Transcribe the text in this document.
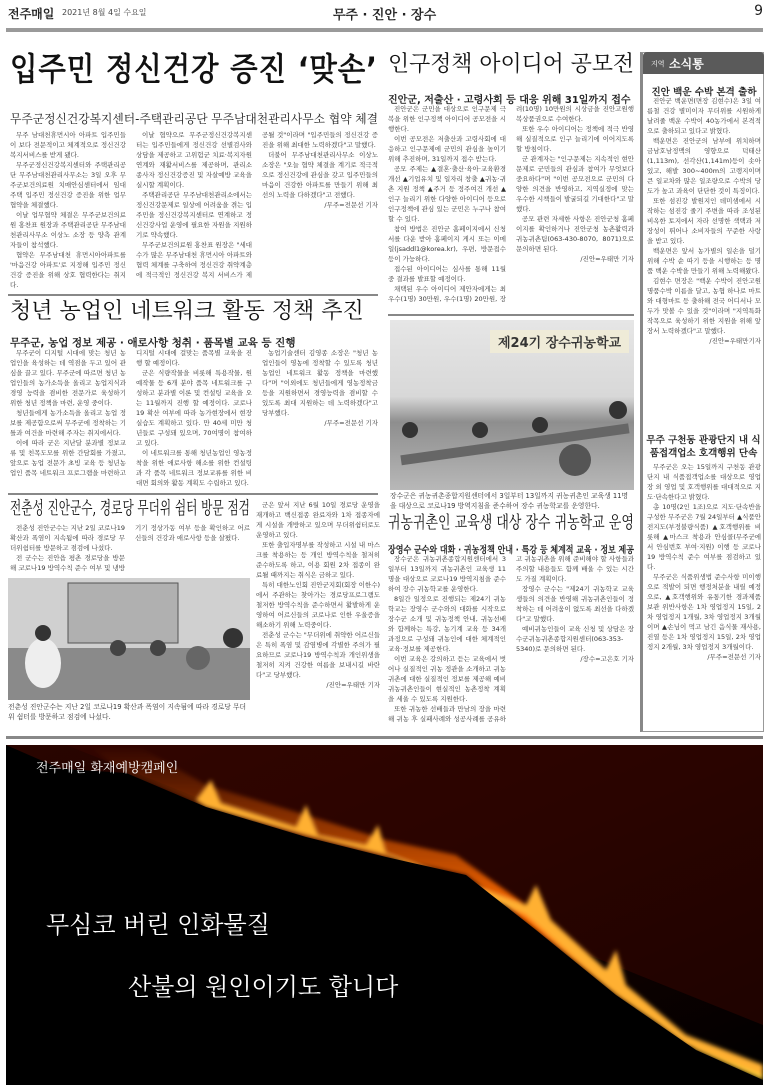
전주매일 2021년 8월 4일 수요일	무주 · 진안 · 장수	9
입주민 정신건강 증진 ‘맞손’
무주군정신건강복지센터-주택관리공단 무주남대천관리사무소 협약 체결

무주 남대천휴먼시아 아파트 입주민들이 보다 전문적이고 체계적으로 정신건강 복지서비스를 받게 됐다.

무주군정신건강복지센터와 주택관리공단 무주남대천관리사무소는 3일 오후 무주군보건의료원 치매안심센터에서 임대주택 입주민 정신건강 증진을 위한 업무협약을 체결했다.

이날 업무협약 체결은 무주군보건의료원 홍찬표 원장과 주택관리공단 무주남대천관리사무소 이상노 소장 등 양측 관계자들이 참석했다.

협약은 무주남대천 휴먼시아아파트를 '마음건강 아파트'로 지정해 입주민 정신건강 증진을 위해 상호 협력한다는 취지다.

이날 협약으로 무주군정신건강복지센터는 입주민들에게 정신건강 선별검사와 상담을 제공하고 고위험군 치료·복지자원 연계와 재활서비스를 제공하며, 관리소 종사자 정신건강증진 및 자살예방 교육을 실시할 계획이다.

주택관리공단 무주남대천관리소에서는 정신건강문제로 일상에 어려움을 겪는 입주민을 정신건강복지센터로 연계하고 정신건강사업 운영에 필요한 자원을 지원하기로 약속했다.

무주군보건의료원 홍찬표 원장은 "세대수가 많은 무주남대천 휴먼시아 아파트와 협력 체계를 구축하여 정신건강 취약계층에 적극적인 정신건강 복지 서비스가 제공될 것"이라며 "입주민들의 정신건강 증진을 위해 최대한 노력하겠다"고 말했다.

더불어 무주남대천관리사무소 이상노 소장은 "오늘 협약 체결을 계기로 적극적으로 정신건강에 관심을 갖고 입주민들의 마음이 건강한 아파트를 만들기 위해 최선의 노력을 다하겠다"고 전했다.

/무주=전문선 기자
청년 농업인 네트워크 활동 정책 추진
무주군, 농업 정보 제공 · 애로사항 청취 · 품목별 교육 등 진행

무주군이 디지털 시대에 맞는 청년 농업인을 육성하는 데 역점을 두고 있어 관심을 끌고 있다. 무주군에 따르면 청년 농업인들의 농가소득을 올리고 농업지식과 경영 능력을 겸비한 전문가로 육성하기 위한 청년 정책을 마련, 운영 중이다.

청년들에게 농가소득을 올리고 농업 정보를 제공함으로써 무주군에 정착하는 기틀과 여건을 마련해 주자는 취지에서다.

이에 따라 군은 지난달 분과별 정보교류 및 친목도모를 위한 간담회를 가졌고, 앞으로 농업 전문가 초빙 교육 등 청년농업인 품목 네트워크 프로그램을 마련하고 디지털 시대에 걸맞는 품목별 교육을 진행 할 예정이다.

군은 식량작물을 비롯해 특용작물, 원예작물 등 6개 분야 품목 네트워크를 구성하고 분과별 이론 및 컨설팅 교육을 오는 11월까지 진행 할 예정이다. 코로나19 확산 여부에 따라 농가현장에서 현장실습도 계획하고 있다. 만 40세 미만 청년들로 구성돼 있으며, 70여명이 참여하고 있다.

이 네트워크를 통해 청년농업인 영농정착을 위한 애로사항 해소를 위한 컨설팅과 각 품목 네트워크 정보교류를 위한 비대면 회의와 활동 계획도 수립하고 있다.

농업기술센터 김영종 소장은 "청년 농업인들이 영농에 정착할 수 있도록 청년 농업인 네트워크 활동 정책을 마련했다"며 "이외에도 청년들에게 영농정착금 등을 지원하면서 경영능력을 겸비할 수 있도록 최대 지원하는 데 노력하겠다"고 당부했다.

/무주=전문선 기자
전춘성 진안군수, 경로당 무더위 쉼터 방문 점검

전춘성 진안군수는 지난 2일 코로나19 확산과 폭염이 지속됨에 따라 경로당 무더위쉼터를 방문하고 점검에 나섰다.

전 군수는 진안읍 평촌 경로당을 방문해 코로나19 방역수칙 준수 여부 및 냉방기기 정상가동 여부 등을 확인하고 어르신들의 건강과 애로사항 등을 살폈다.

전춘성 진안군수는 지난 2일 코로나19 확산과 폭염이 지속됨에 따라 경로당 무더위 쉼터를 방문하고 점검에 나섰다.

군은 앞서 지난 6월 10일 경로당 운영을 재개하고 백신접종 완료자와 1차 접종자에게 시설을 개방하고 있으며 무더위쉼터로도 운영하고 있다.

또한 출입자명부를 작성하고 시설 내 마스크를 착용하는 등 개인 방역수칙을 철저히 준수하도록 하고, 이용 회원 2차 접종이 완료될 때까지는 취식은 금하고 있다.

특히 대한노인회 진안군지회(회장 이한수)에서 주관하는 찾아가는 경로당프로그램도 철저한 방역수칙을 준수하면서 활발하게 운영하여 어르신들의 코로나로 인한 우울증을 해소하기 위해 노력중이다.

전춘성 군수는 "무더위에 취약한 어르신들은 특히 폭염 및 감염병에 각별한 주의가 필요하므로 코로나19 방역수칙과 개인위생을 철저히 지켜 건강한 여름을 보내시길 바란다"고 당부했다.

/진안=우태만 기자
인구정책 아이디어 공모전
진안군, 저출산 · 고령사회 등 대응 위해 31일까지 접수

진안군은 군민을 대상으로 인구문제 극복을 위한 인구정책 아이디어 공모전을 시행한다.

이번 공모전은 저출산과 고령사회에 대응하고 인구문제에 군민의 관심을 높이기 위해 추진하며, 31일까지 접수 받는다.

공모 주제는 ▲결혼·출산·육아·교육환경 개선 ▲기업유치 및 일자리 창출 ▲귀농·귀촌 지원 정책 ▲주거 등 정주여건 개선 ▲인구 늘리기 위한 다양한 아이디어 등으로 인구정책에 관심 있는 군민은 누구나 참여할 수 있다.

참여 방법은 진안군 홈페이지에서 신청서를 다운 받아 홈페이지 게시 또는 이메일(jsaddl1@korea.kr), 우편, 방문접수 등이 가능하다.

접수된 아이디어는 심사를 통해 11월 중 결과를 발표할 예정이다.

채택된 우수 아이디어 제안자에게는 최우수(1명) 30만원, 우수(1명) 20만원, 장려(10명) 10만원의 시상금을 진안고원행복상품권으로 수여한다.

또한 우수 아이디어는 정책에 적극 반영해 실질적으로 인구 늘리기에 이어지도록 할 방침이다.

군 관계자는 "인구문제는 지속적인 현안 문제로 군민들의 관심과 참여가 무엇보다 중요하다"며 "이번 공모전으로 군민의 다양한 의견을 반영하고, 지역실정에 맞는 우수한 시책들이 발굴되길 기대한다"고 말했다.

공모 관련 자세한 사항은 진안군청 홈페이지를 확인하거나 진안군청 농촌활력과 귀농귀촌팀(063-430-8070, 8071)으로 문의하면 된다.

/진안=우태만 기자
제24기 장수귀농학교
장수군은 귀농귀촌종합지원센터에서 3일부터 13일까지 귀농귀촌인 교육생 11명을 대상으로 코로나19 방역지침을 준수하여 장수 귀농학교를 운영한다.
귀농귀촌인 교육생 대상 장수 귀농학교 운영
장영수 군수와 대화 · 귀농정책 안내 · 특강 등 체계적 교육 · 정보 제공

장수군은 귀농귀촌종합지원센터에서 3일부터 13일까지 귀농귀촌인 교육생 11명을 대상으로 코로나19 방역지침을 준수하여 장수 귀농학교를 운영한다.

8일간 일정으로 진행되는 제24기 귀농학교는 장영수 군수와의 대화를 시작으로 장수군 소개 및 귀농정책 안내, 귀농선배와 함께하는 특강, 농기계 교육 등 34개 과정으로 구성돼 귀농인에 대한 체계적인 교육·정보를 제공한다.

이번 교육은 강의하고 듣는 교육에서 벗어나 실질적인 귀농 정관을 소개하고 귀농귀촌에 대한 실질적인 정보를 제공해 예비귀농귀촌인들이 현실적인 농촌정착 계획을 세울 수 있도록 지원한다.

또한 귀농한 선배들과 만남의 장을 마련해 귀농 후 실패사례와 성공사례를 공유하고 귀농귀촌을 위해 준비해야 할 사항들과 주의할 내용들도 함께 배울 수 있는 시간도 가질 계획이다.

장영수 군수는 "제24기 귀농학교 교육생들의 의견을 반영해 귀농귀촌인들이 정착하는 데 어려움이 없도록 최선을 다하겠다"고 말했다.

예비귀농인들이 교육 신청 및 상담은 장수군귀농귀촌종합지원센터(063-353-5340)로 문의하면 된다.

/장수=고은호 기자
지역 소식통
진안 백운 수박 본격 출하

진안군 백운면(면장 김현수)은 3일 여름철 건강 별미이자 무더위를 시원하게 날려줄 백운 수박이 40농가에서 본격적으로 출하되고 있다고 밝혔다.

백운면은 진안군의 남부에 위치하며 금남호남정맥의 영향으로 덕태산(1,113m), 선각산(1,141m)등이 솟아 있고, 해발 300~400m의 고랭지이며 큰 일교차와 많은 일조량으로 수박의 당도가 높고 과육이 단단한 것이 특징이다.

또한 섬진강 발원지인 데미샘에서 시작하는 섬진강 줄기 주변을 따라 조성된 비옥한 토지에서 자라 선명한 색택과 저장성이 뛰어나 소비자들의 꾸준한 사랑을 받고 있다.

백운면은 앞서 농가별의 일손을 덜기 위해 수박 순 따기 등을 시행하는 등 명품 백운 수박을 만들기 위해 노력해왔다.

김현수 면장은 "백운 수박이 진안고원명품수박 이름을 달고, 농협 하나로 마트와 대형마트 등 출하해 전국 어디서나 모두가 맛볼 수 있을 것"이라며 "지역특화 작목으로 육성하기 위한 지원을 위해 앞장서 노력하겠다"고 말했다.

/진안=우태만기자
무주 구천동 관광단지 내 식품접객업소 호객행위 단속

무주군은 오는 15일까지 구천동 관광단지 내 식품접객업소를 대상으로 영업장 외 영업 및 호객행위를 대대적으로 지도·단속한다고 밝혔다.

총 10명(2인 1조)으로 지도·단속반을 구성한 무주군은 7월 24일부터 ▲식품안전지도(부정불량식품) ▲호객행위를 비롯해 ▲마스크 착용과 안심콜(무주군에서 안심번호 부여·지원) 이행 등 코로나19 방역수칙 준수 여부를 점검하고 있다.

무주군은 식품위생법 준수사항 미이행으로 적발이 되면 행정처분을 내릴 예정으로, ▲호객행위와 유통기한 경과제품 보관 위반사항은 1차 영업정지 15일, 2차 영업정지 1개월, 3차 영업정지 3개월이며 ▲손님이 먹고 남긴 음식물 재사용, 진열 등은 1차 영업정지 15일, 2차 영업정지 2개월, 3차 영업정지 3개월이다.

/무주=전문선 기자
전주매일 화재예방캠페인
무심코 버린 인화물질
산불의 원인이기도 합니다
